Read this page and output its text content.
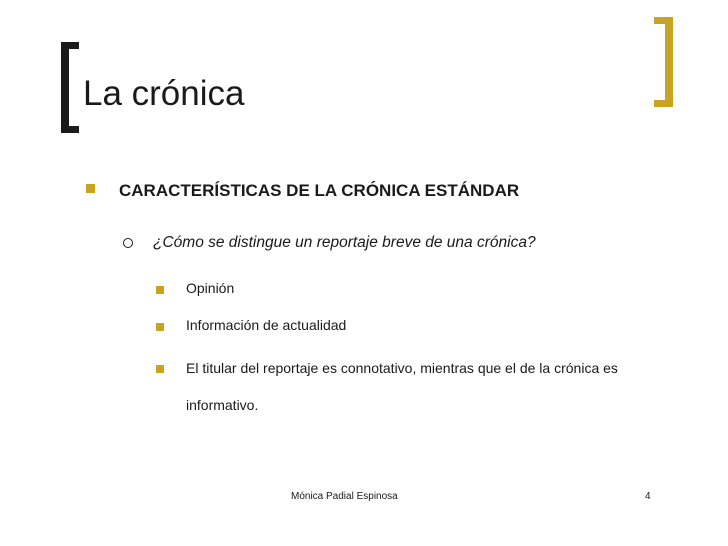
La crónica
CARACTERÍSTICAS DE LA CRÓNICA ESTÁNDAR
¿Cómo se distingue un reportaje breve de una crónica?
Opinión
Información de actualidad
El titular del reportaje es connotativo, mientras que el de la crónica es informativo.
Mónica Padial Espinosa	4
